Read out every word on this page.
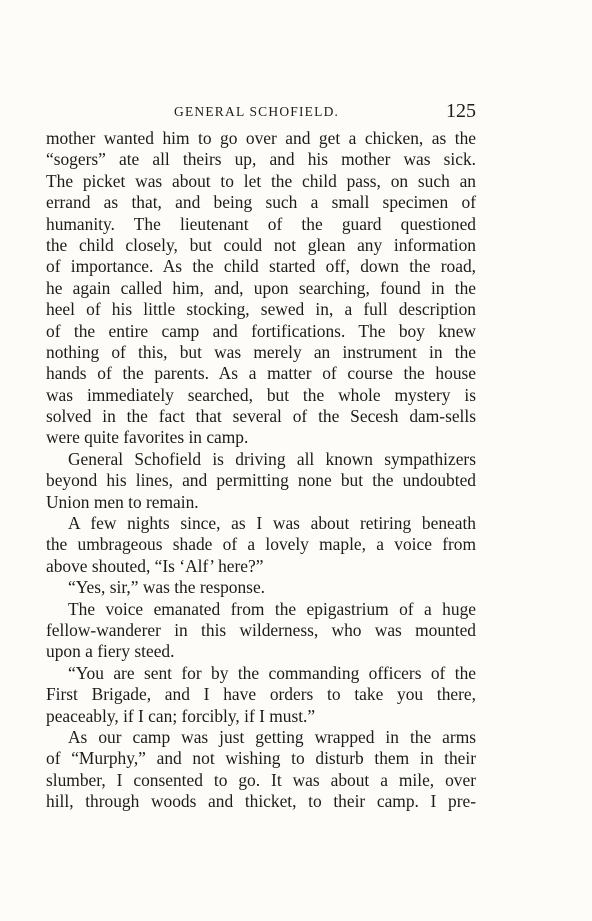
GENERAL SCHOFIELD.	125
mother wanted him to go over and get a chicken, as the
“sogers” ate all theirs up, and his mother was sick.
The picket was about to let the child pass, on such an
errand as that, and being such a small specimen of
humanity. The lieutenant of the guard questioned
the child closely, but could not glean any information
of importance. As the child started off, down the road,
he again called him, and, upon searching, found in the
heel of his little stocking, sewed in, a full description
of the entire camp and fortifications. The boy knew
nothing of this, but was merely an instrument in the
hands of the parents. As a matter of course the house
was immediately searched, but the whole mystery is
solved in the fact that several of the Secesh dam-sells
were quite favorites in camp.
General Schofield is driving all known sympathizers
beyond his lines, and permitting none but the undoubted
Union men to remain.
A few nights since, as I was about retiring beneath
the umbrageous shade of a lovely maple, a voice from
above shouted, “Is ‘Alf’ here?”
“Yes, sir,” was the response.
The voice emanated from the epigastrium of a huge
fellow-wanderer in this wilderness, who was mounted
upon a fiery steed.
“You are sent for by the commanding officers of the
First Brigade, and I have orders to take you there,
peaceably, if I can; forcibly, if I must.”
As our camp was just getting wrapped in the arms
of “Murphy,” and not wishing to disturb them in their
slumber, I consented to go. It was about a mile, over
hill, through woods and thicket, to their camp. I pre-
